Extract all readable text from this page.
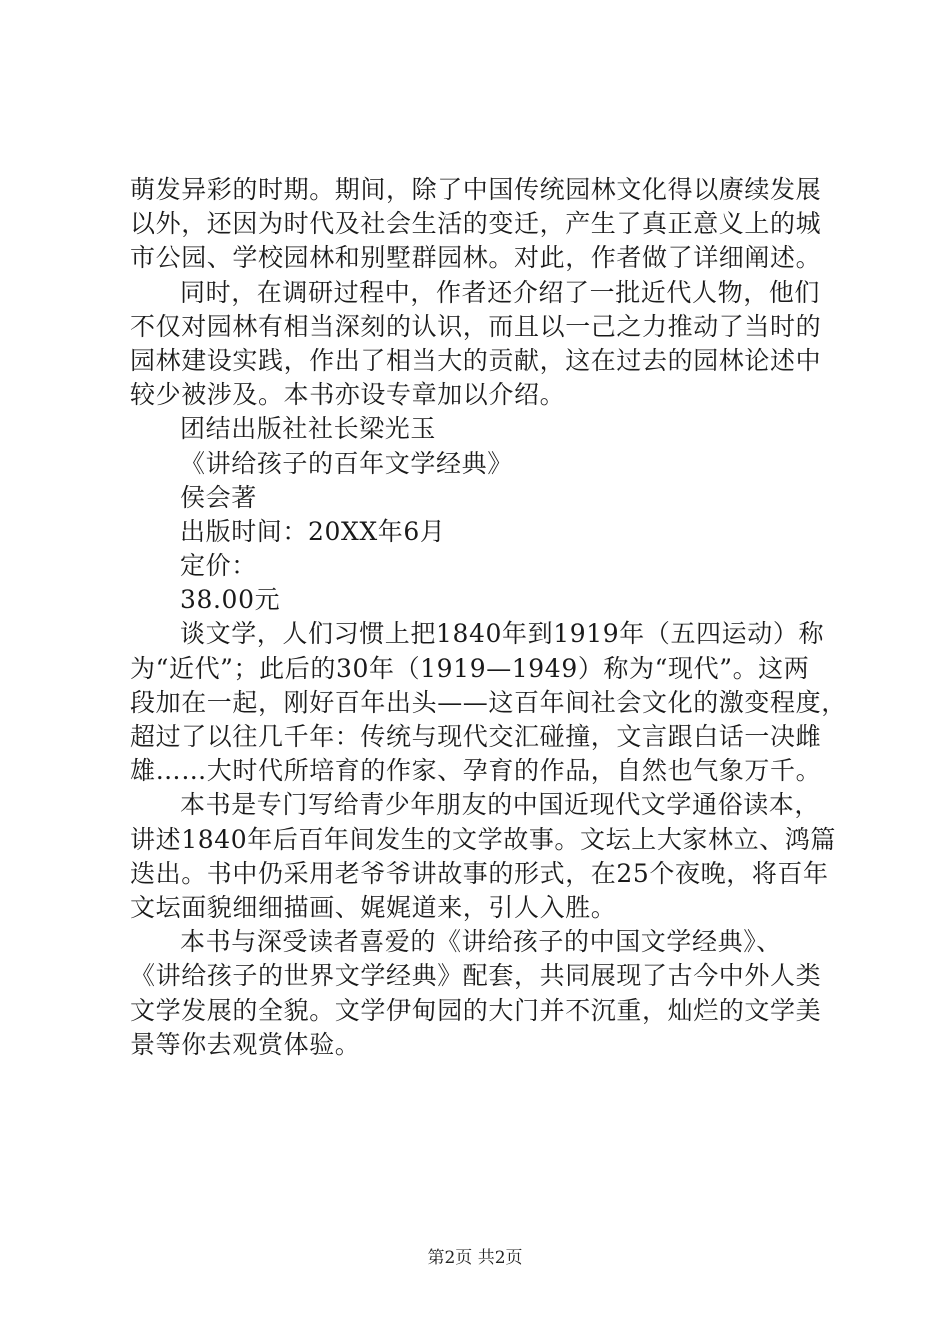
萌发异彩的时期。期间，除了中国传统园林文化得以赓续发展
以外，还因为时代及社会生活的变迁，产生了真正意义上的城
市公园、学校园林和别墅群园林。对此，作者做了详细阐述。
同时，在调研过程中，作者还介绍了一批近代人物，他们
不仅对园林有相当深刻的认识，而且以一己之力推动了当时的
园林建设实践，作出了相当大的贡献，这在过去的园林论述中
较少被涉及。本书亦设专章加以介绍。
团结出版社社长梁光玉
《讲给孩子的百年文学经典》
侯会著
出版时间：20XX年6月
定价：
38.00元
谈文学，人们习惯上把1840年到1919年（五四运动）称
为“近代”；此后的30年（1919—1949）称为“现代”。这两
段加在一起，刚好百年出头——这百年间社会文化的激变程度，
超过了以往几千年：传统与现代交汇碰撞，文言跟白话一决雌
雄……大时代所培育的作家、孕育的作品，自然也气象万千。
本书是专门写给青少年朋友的中国近现代文学通俗读本，
讲述1840年后百年间发生的文学故事。文坛上大家林立、鸿篇
迭出。书中仍采用老爷爷讲故事的形式，在25个夜晚，将百年
文坛面貌细细描画、娓娓道来，引人入胜。
本书与深受读者喜爱的《讲给孩子的中国文学经典》、
《讲给孩子的世界文学经典》配套，共同展现了古今中外人类
文学发展的全貌。文学伊甸园的大门并不沉重，灿烂的文学美
景等你去观赏体验。
第2页 共2页
